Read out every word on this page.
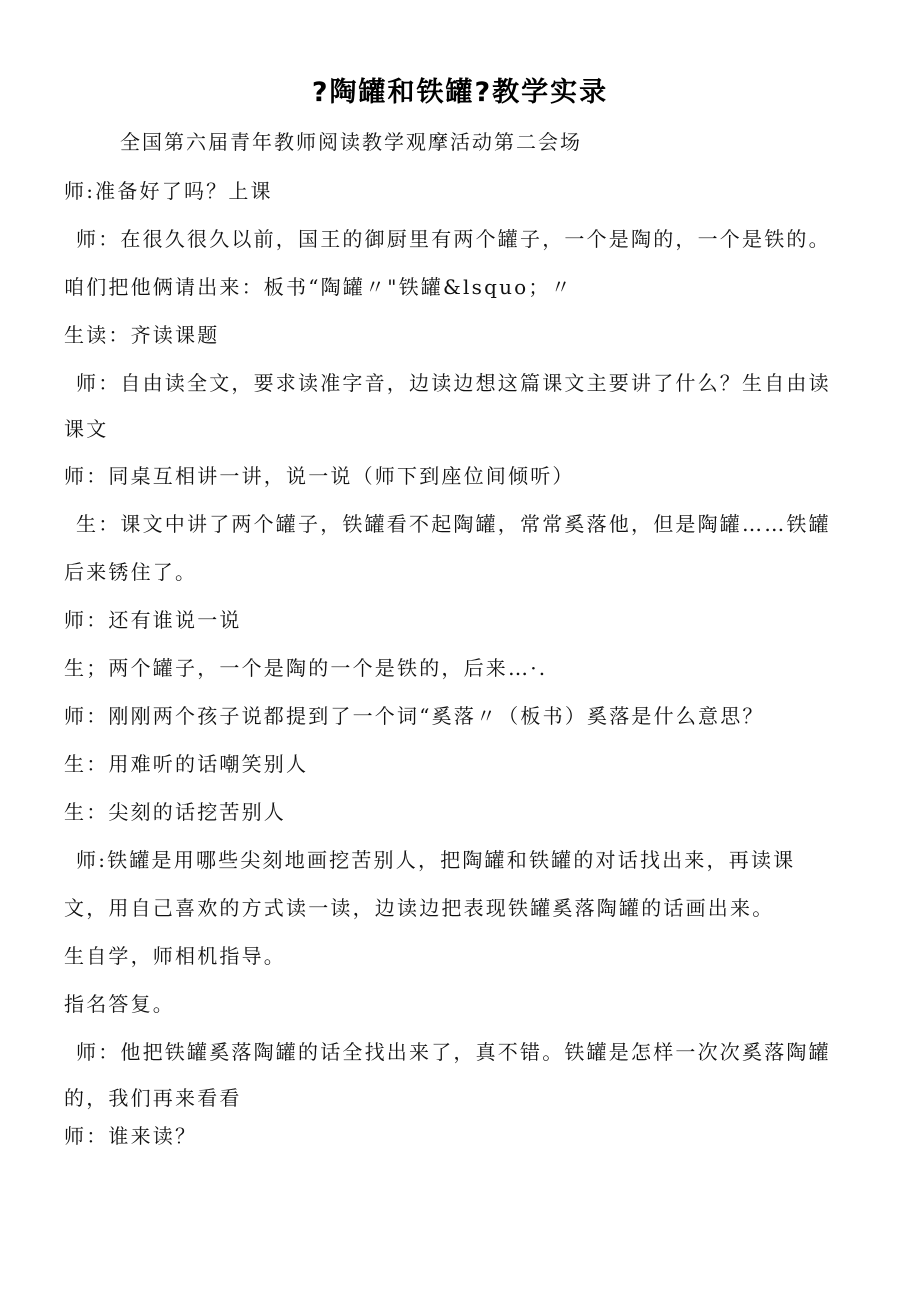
?陶罐和铁罐?教学实录
全国第六届青年教师阅读教学观摩活动第二会场
师:准备好了吗？上课
师：在很久很久以前，国王的御厨里有两个罐子，一个是陶的，一个是铁的。
咱们把他俩请出来：板书“陶罐〃"铁罐&lsquo；〃
生读：齐读课题
师：自由读全文，要求读准字音，边读边想这篇课文主要讲了什么？生自由读
课文
师：同桌互相讲一讲，说一说（师下到座位间倾听）
生：课文中讲了两个罐子，铁罐看不起陶罐，常常奚落他，但是陶罐……铁罐
后来锈住了。
师：还有谁说一说
生；两个罐子，一个是陶的一个是铁的，后来…·.
师：刚刚两个孩子说都提到了一个词“奚落〃（板书）奚落是什么意思？
生：用难听的话嘲笑别人
生：尖刻的话挖苦别人
师:铁罐是用哪些尖刻地画挖苦别人，把陶罐和铁罐的对话找出来，再读课
文，用自己喜欢的方式读一读，边读边把表现铁罐奚落陶罐的话画出来。
生自学，师相机指导。
指名答复。
师：他把铁罐奚落陶罐的话全找出来了，真不错。铁罐是怎样一次次奚落陶罐
的，我们再来看看
师：谁来读？
